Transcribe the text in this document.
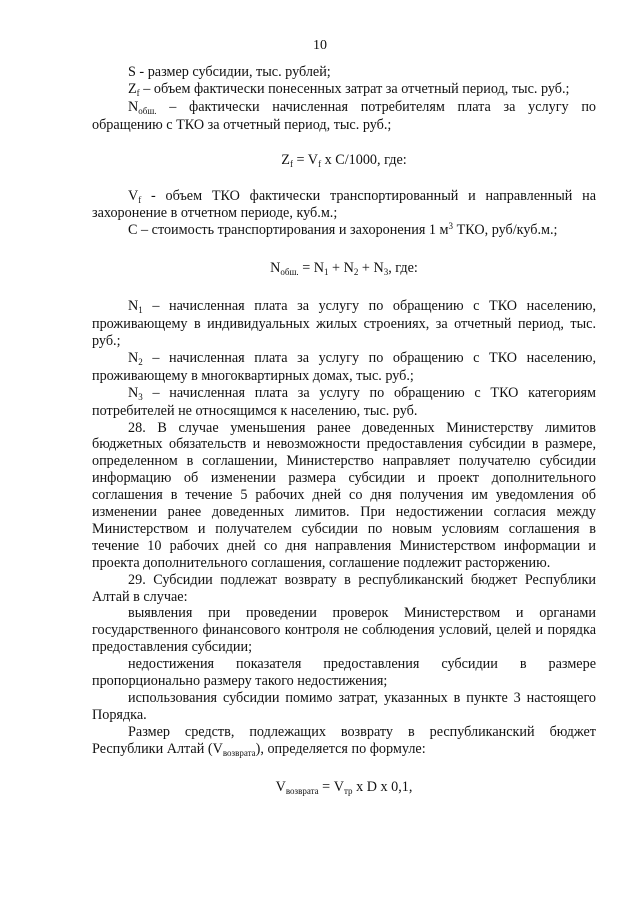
10

S - размер субсидии, тыс. рублей;

$Z_f$ – объем фактически понесенных затрат за отчетный период, тыс. руб.;

$N_{обш.}$ – фактически начисленная потребителям плата за услугу по обращению с ТКО за отчетный период, тыс. руб.;

$Z_f = V_f$ x C/1000, где:

$V_f$ - объем ТКО фактически транспортированный и направленный на захоронение в отчетном периоде, куб.м.;

C – стоимость транспортирования и захоронения 1 $м^3$ ТКО, руб/куб.м.;

$N_{обш.} = N_1 + N_2 + N_3$, где:

$N_1$ – начисленная плата за услугу по обращению с ТКО населению, проживающему в индивидуальных жилых строениях, за отчетный период, тыс. руб.;

$N_2$ – начисленная плата за услугу по обращению с ТКО населению, проживающему в многоквартирных домах, тыс. руб.;

$N_3$ – начисленная плата за услугу по обращению с ТКО категориям потребителей не относящимся к населению, тыс. руб.

28. В случае уменьшения ранее доведенных Министерству лимитов бюджетных обязательств и невозможности предоставления субсидии в размере, определенном в соглашении, Министерство направляет получателю субсидии информацию об изменении размера субсидии и проект дополнительного соглашения в течение 5 рабочих дней со дня получения им уведомления об изменении ранее доведенных лимитов. При недостижении согласия между Министерством и получателем субсидии по новым условиям соглашения в течение 10 рабочих дней со дня направления Министерством информации и проекта дополнительного соглашения, соглашение подлежит расторжению.

29. Субсидии подлежат возврату в республиканский бюджет Республики Алтай в случае:

выявления при проведении проверок Министерством и органами государственного финансового контроля не соблюдения условий, целей и порядка предоставления субсидии;

недостижения показателя предоставления субсидии в размере пропорционально размеру такого недостижения;

использования субсидии помимо затрат, указанных в пункте 3 настоящего Порядка.

Размер средств, подлежащих возврату в республиканский бюджет Республики Алтай $(V_{возврата})$, определяется по формуле:

$V_{возврата} = V_{тр}$ x D x 0,1,
